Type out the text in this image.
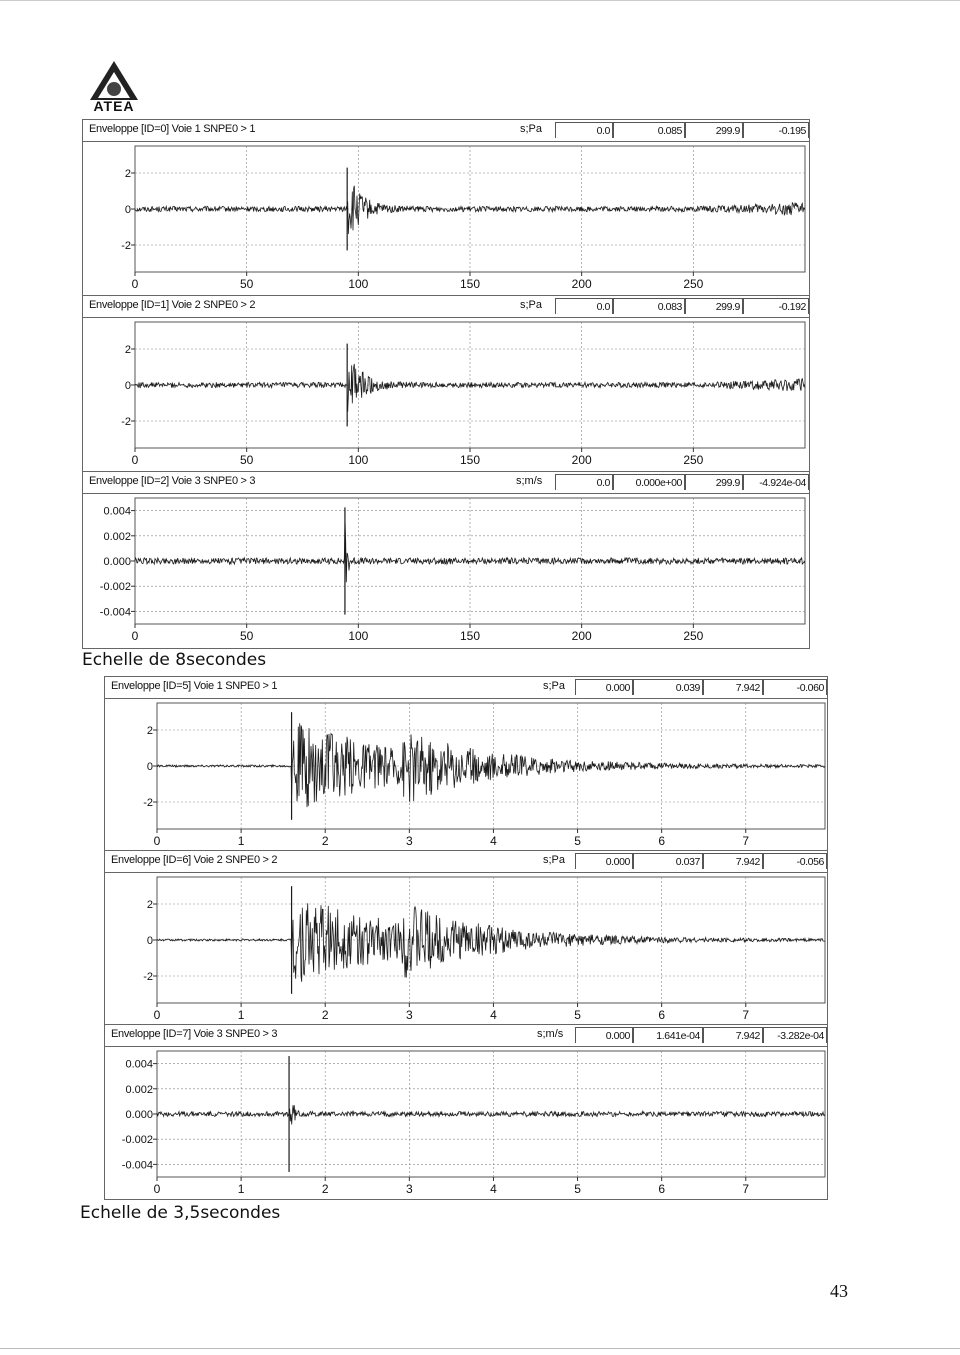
ATEA
Enveloppe [ID=0] Voie 1 SNPE0 > 1	s;Pa	0.0	0.085	299.9	-0.195
2
0
-2
0	50	100	150	200	250
Enveloppe [ID=1] Voie 2 SNPE0 > 2	s;Pa	0.0	0.083	299.9	-0.192
2
0
-2
0	50	100	150	200	250
Enveloppe [ID=2] Voie 3 SNPE0 > 3	s;m/s	0.0	0.000e+00	299.9	-4.924e-04
0.004
0.002
0.000
-0.002
-0.004
0	50	100	150	200	250
Echelle de 8secondes
Enveloppe [ID=5] Voie 1 SNPE0 > 1	s;Pa	0.000	0.039	7.942	-0.060
2
0
-2
0	1	2	3	4	5	6	7
Enveloppe [ID=6] Voie 2 SNPE0 > 2	s;Pa	0.000	0.037	7.942	-0.056
2
0
-2
0	1	2	3	4	5	6	7
Enveloppe [ID=7] Voie 3 SNPE0 > 3	s;m/s	0.000	1.641e-04	7.942	-3.282e-04
0.004
0.002
0.000
-0.002
-0.004
0	1	2	3	4	5	6	7
Echelle de 3,5secondes
43
